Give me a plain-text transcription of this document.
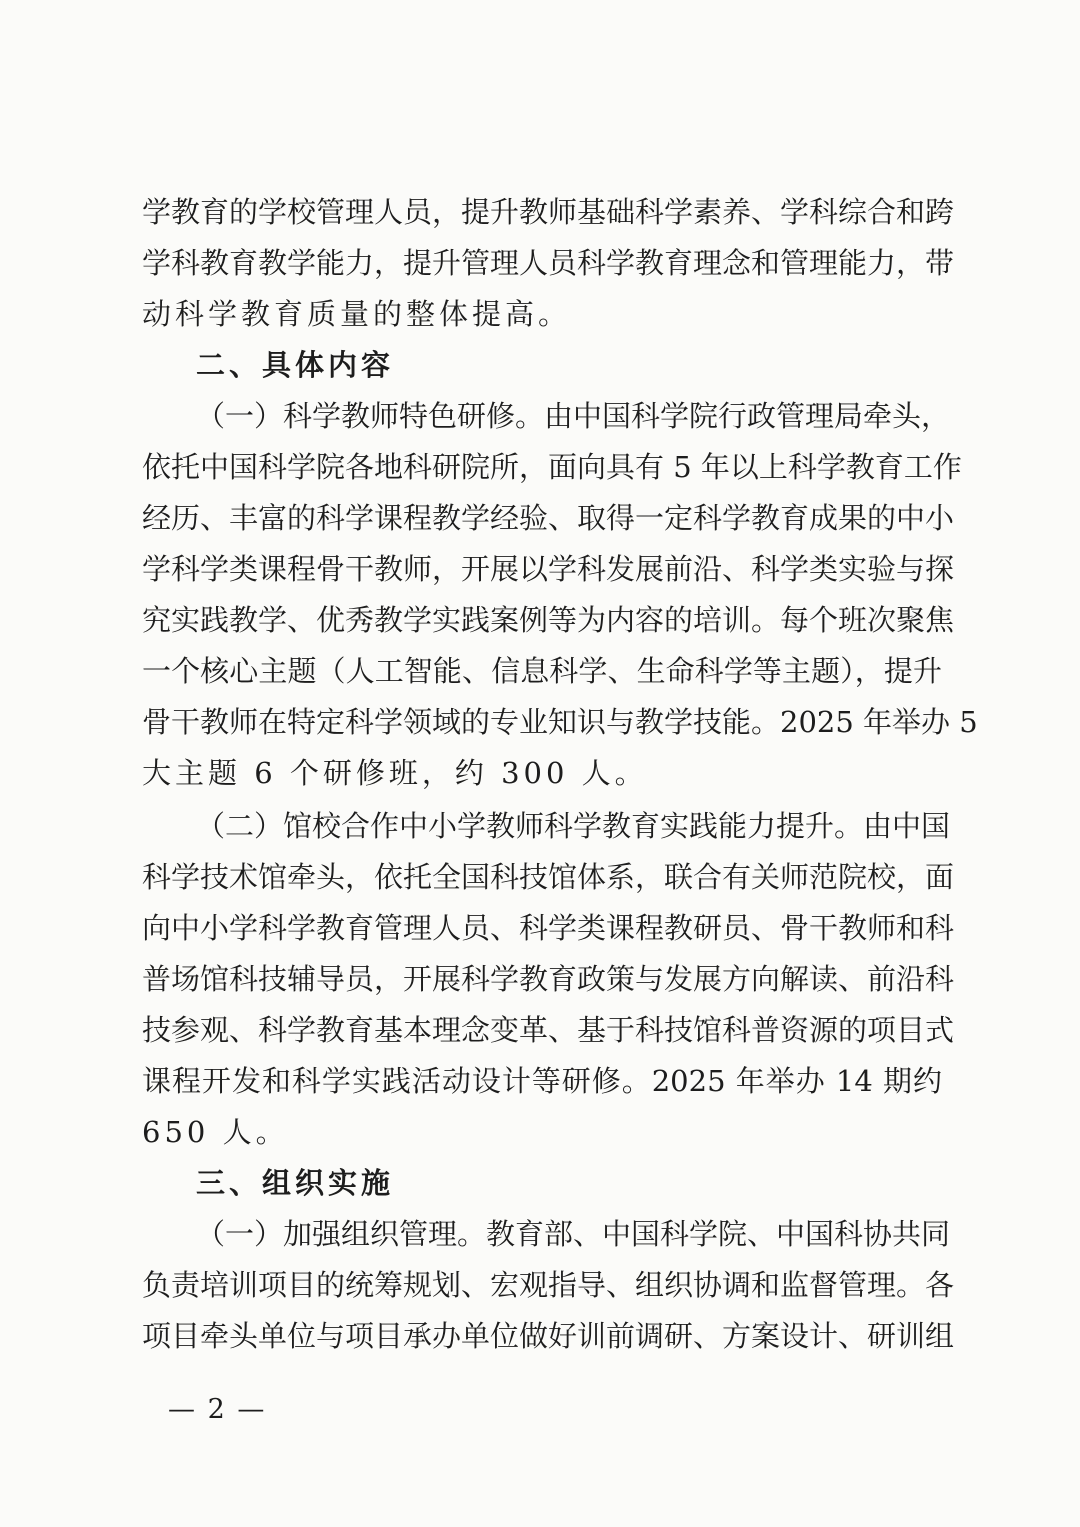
学教育的学校管理人员，提升教师基础科学素养、学科综合和跨
学科教育教学能力，提升管理人员科学教育理念和管理能力，带
动科学教育质量的整体提高。
二、具体内容
（一）科学教师特色研修。由中国科学院行政管理局牵头，
依托中国科学院各地科研院所，面向具有 5 年以上科学教育工作
经历、丰富的科学课程教学经验、取得一定科学教育成果的中小
学科学类课程骨干教师，开展以学科发展前沿、科学类实验与探
究实践教学、优秀教学实践案例等为内容的培训。每个班次聚焦
一个核心主题（人工智能、信息科学、生命科学等主题），提升
骨干教师在特定科学领域的专业知识与教学技能。2025 年举办 5
大主题 6 个研修班，约 300 人。
（二）馆校合作中小学教师科学教育实践能力提升。由中国
科学技术馆牵头，依托全国科技馆体系，联合有关师范院校，面
向中小学科学教育管理人员、科学类课程教研员、骨干教师和科
普场馆科技辅导员，开展科学教育政策与发展方向解读、前沿科
技参观、科学教育基本理念变革、基于科技馆科普资源的项目式
课程开发和科学实践活动设计等研修。2025 年举办 14 期约
650 人。
三、组织实施
（一）加强组织管理。教育部、中国科学院、中国科协共同
负责培训项目的统筹规划、宏观指导、组织协调和监督管理。各
项目牵头单位与项目承办单位做好训前调研、方案设计、研训组
— 2 —
